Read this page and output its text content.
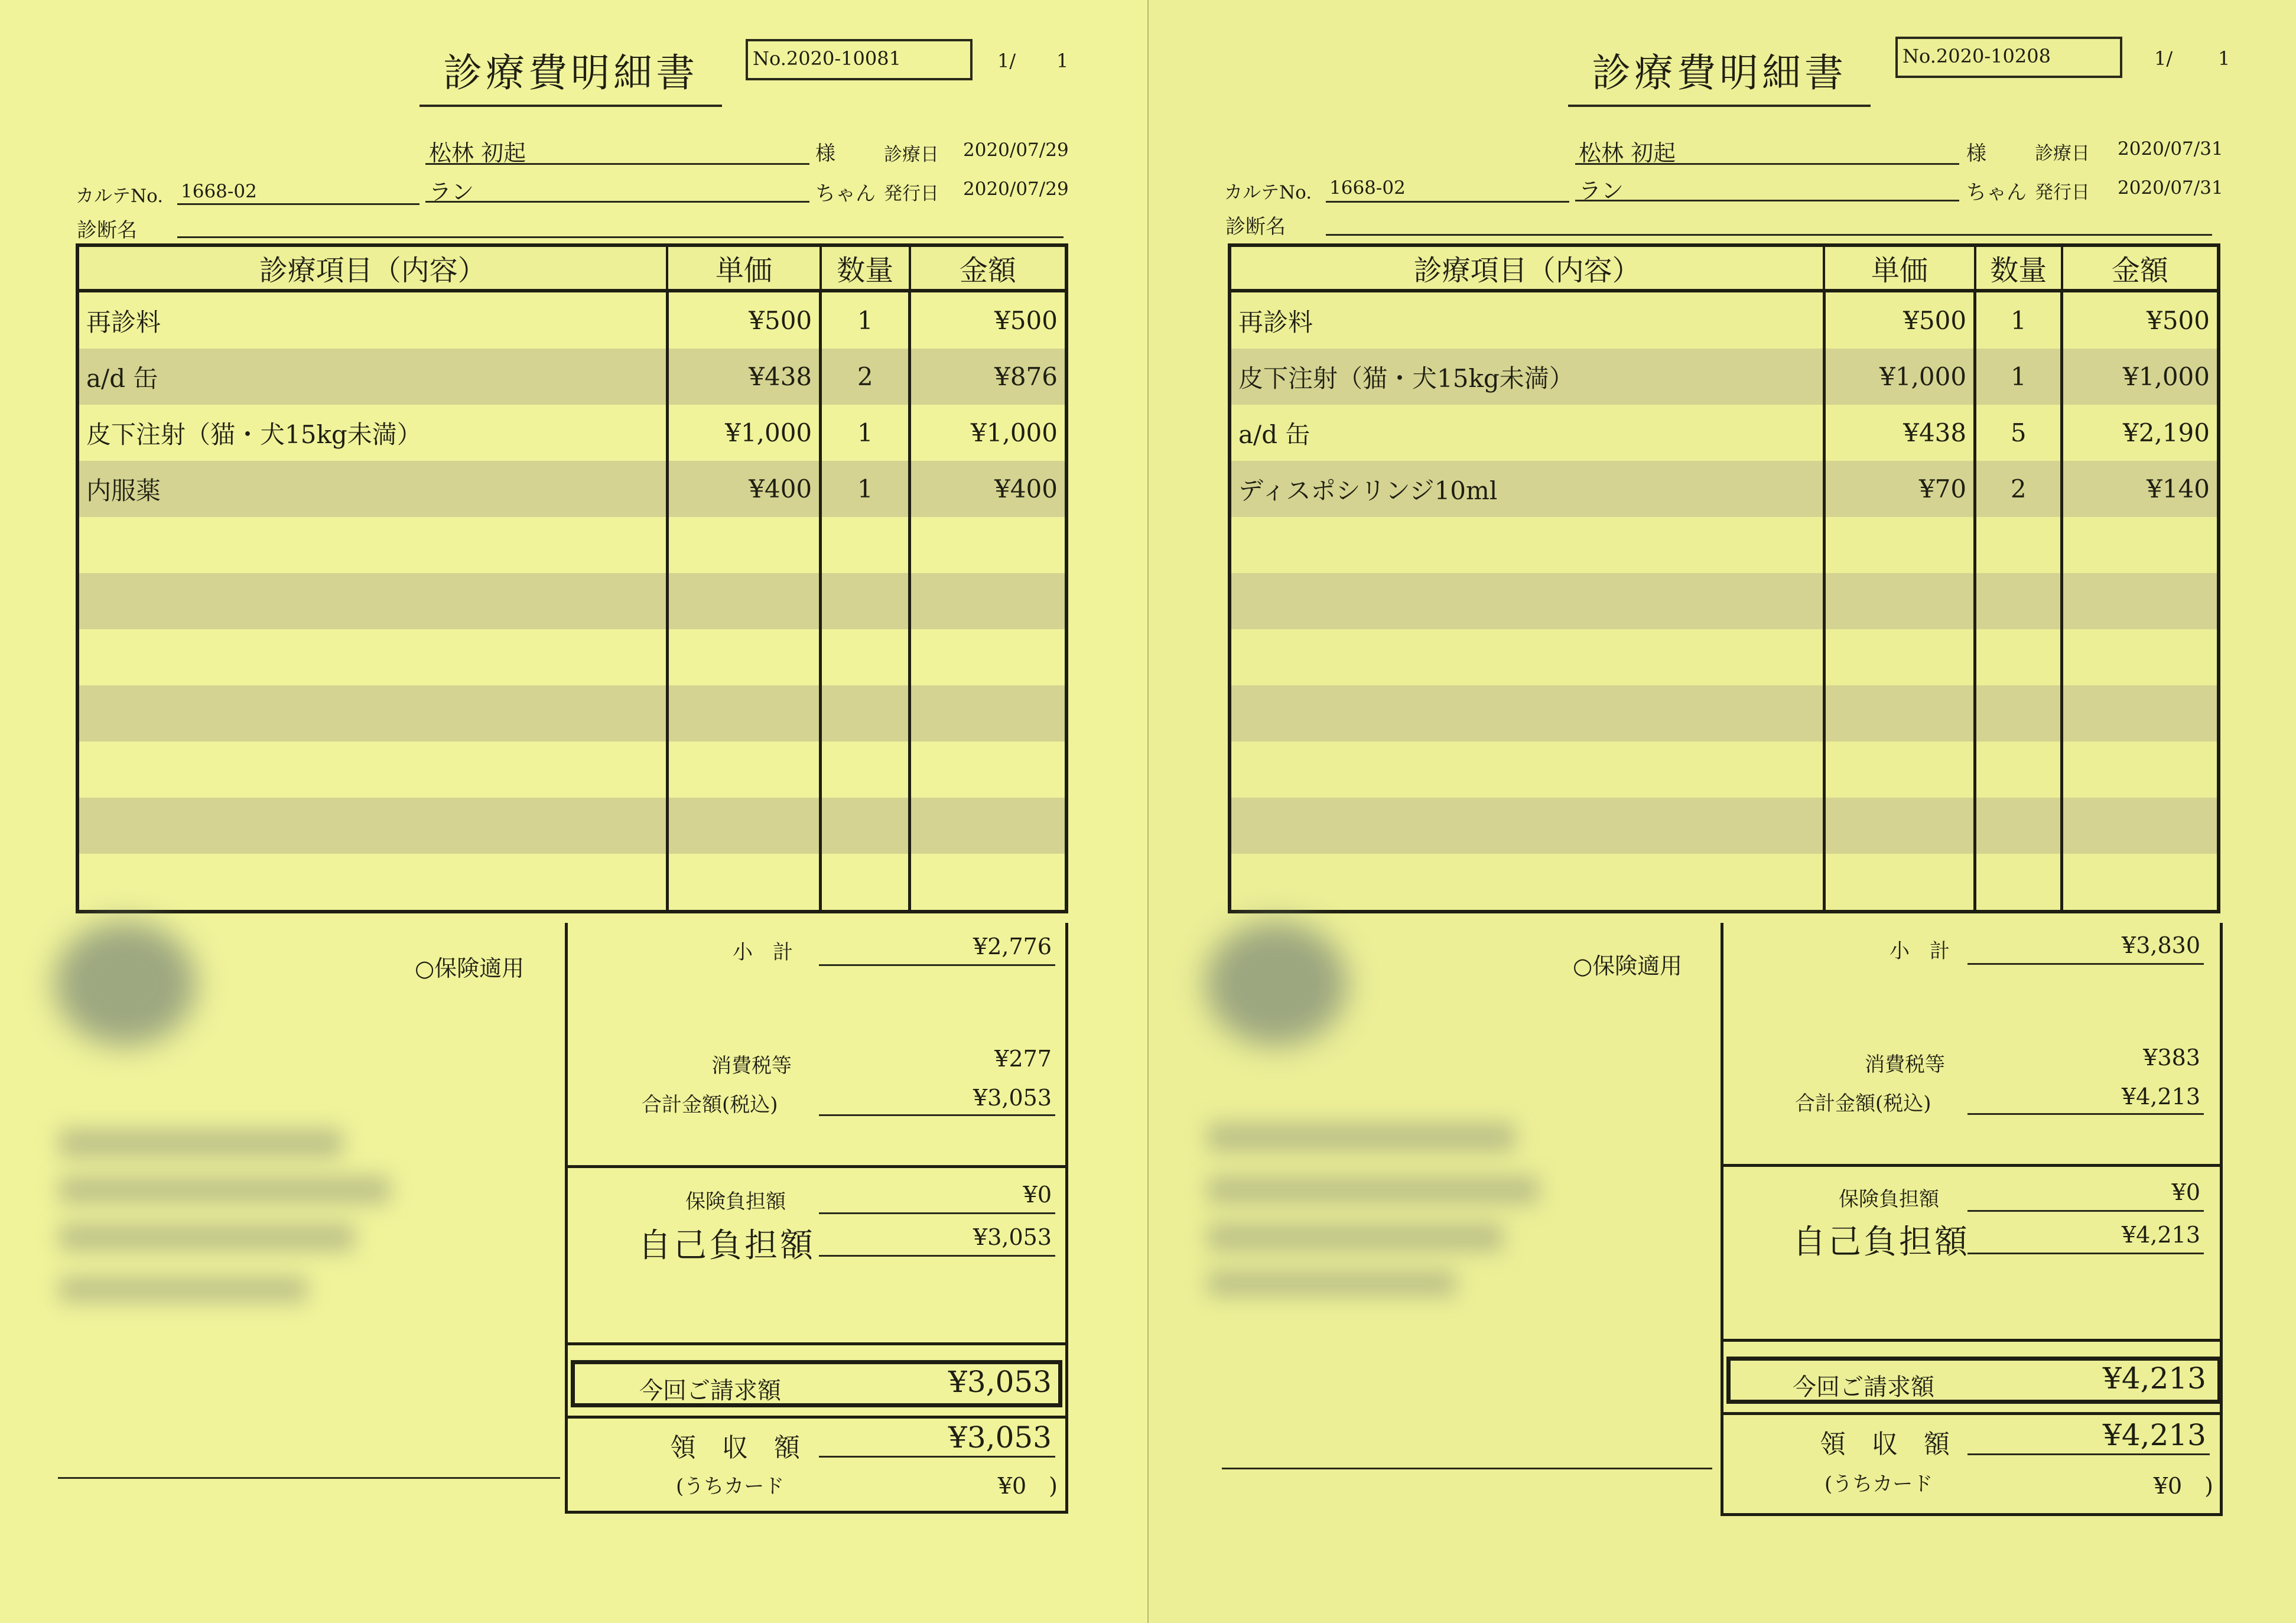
診療費明細書	No.2020-10081	1/ 1
松林 初起	様	診療日 2020/07/29
カルテNo. 1668-02	ラン	ちゃん 発行日 2020/07/29
診断名
診療項目（内容）	単価	数量	金額
再診料	¥500	1	¥500
a/d 缶	¥438	2	¥876
皮下注射（猫・犬15kg未満）	¥1,000	1	¥1,000
内服薬	¥400	1	¥400

○保険適用
小　計	¥2,776
消費税等	¥277
合計金額(税込)	¥3,053
保険負担額	¥0
自己負担額	¥3,053
今回ご請求額	¥3,053
領　収　額	¥3,053
(うちカード	¥0　)
診療費明細書	No.2020-10208	1/ 1
松林 初起	様	診療日 2020/07/31
カルテNo. 1668-02	ラン	ちゃん 発行日 2020/07/31
診断名
診療項目（内容）	単価	数量	金額
再診料	¥500	1	¥500
皮下注射（猫・犬15kg未満）	¥1,000	1	¥1,000
a/d 缶	¥438	5	¥2,190
ディスポシリンジ10ml	¥70	2	¥140

○保険適用
小　計	¥3,830
消費税等	¥383
合計金額(税込)	¥4,213
保険負担額	¥0
自己負担額	¥4,213
今回ご請求額	¥4,213
領　収　額	¥4,213
(うちカード	¥0　)
